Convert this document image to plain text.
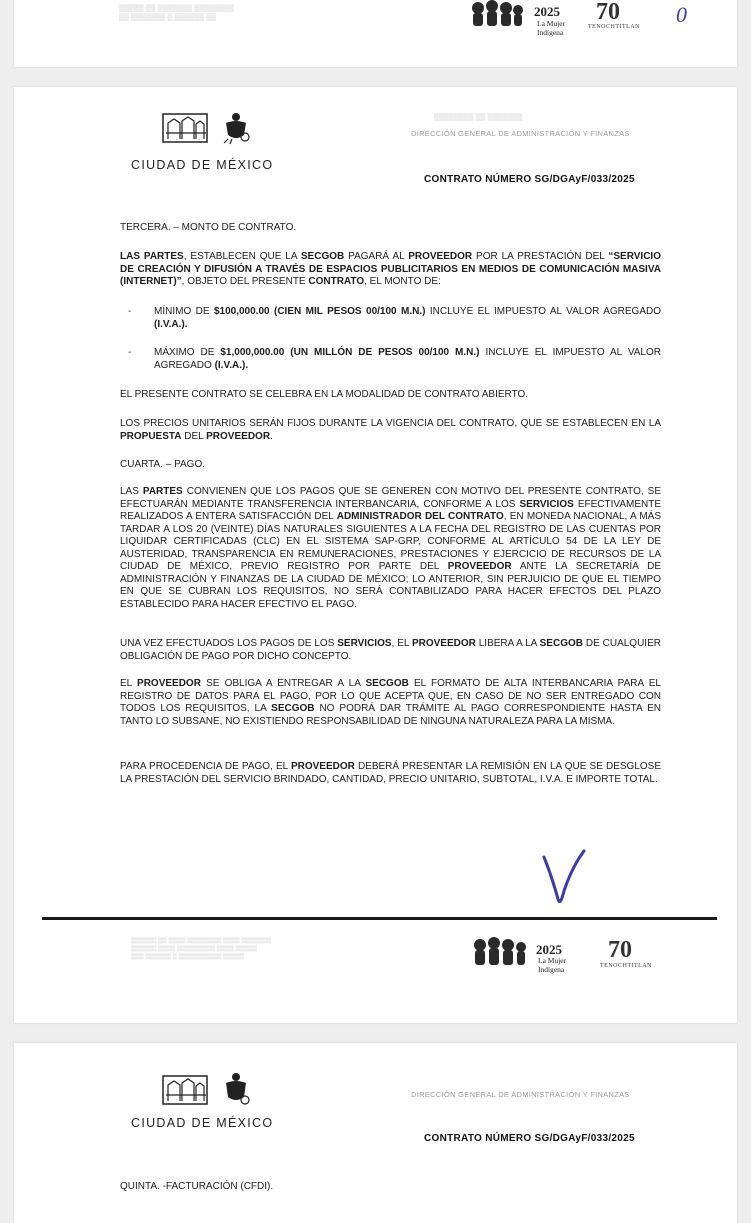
▒▒▒▒▒ ▒▒ ▒▒▒▒▒▒▒ ▒▒▒▒▒▒▒▒
▒▒ ▒▒▒▒▒▒▒ ▒ ▒▒▒▒▒▒ ▒▒	2025
La Mujer
Indígena
70
TENOCHTITLAN 0
CIUDAD DE MÉXICO
DIRECCIÓN GENERAL DE ADMINISTRACIÓN Y FINANZAS
▒▒▒▒▒▒▒▒ ▒▒ ▒▒▒▒▒▒▒
CONTRATO NÚMERO SG/DGAyF/033/2025
TERCERA. – MONTO DE CONTRATO.

LAS PARTES, ESTABLECEN QUE LA SECGOB PAGARÁ AL PROVEEDOR POR LA PRESTACIÓN DEL “SERVICIO DE CREACIÓN Y DIFUSIÓN A TRAVÉS DE ESPACIOS PUBLICITARIOS EN MEDIOS DE COMUNICACIÓN MASIVA (INTERNET)”, OBJETO DEL PRESENTE CONTRATO, EL MONTO DE:

- MÍNIMO DE $100,000.00 (CIEN MIL PESOS 00/100 M.N.) INCLUYE EL IMPUESTO AL VALOR AGREGADO (I.V.A.).

- MÁXIMO DE $1,000,000.00 (UN MILLÓN DE PESOS 00/100 M.N.) INCLUYE EL IMPUESTO AL VALOR AGREGADO (I.V.A.).

EL PRESENTE CONTRATO SE CELEBRA EN LA MODALIDAD DE CONTRATO ABIERTO.

LOS PRECIOS UNITARIOS SERÁN FIJOS DURANTE LA VIGENCIA DEL CONTRATO, QUE SE ESTABLECEN EN LA PROPUESTA DEL PROVEEDOR.

CUARTA. – PAGO.

LAS PARTES CONVIENEN QUE LOS PAGOS QUE SE GENEREN CON MOTIVO DEL PRESENTE CONTRATO, SE EFECTUARÁN MEDIANTE TRANSFERENCIA INTERBANCARIA, CONFORME A LOS SERVICIOS EFECTIVAMENTE REALIZADOS A ENTERA SATISFACCIÓN DEL ADMINISTRADOR DEL CONTRATO, EN MONEDA NACIONAL, A MÁS TARDAR A LOS 20 (VEINTE) DÍAS NATURALES SIGUIENTES A LA FECHA DEL REGISTRO DE LAS CUENTAS POR LIQUIDAR CERTIFICADAS (CLC) EN EL SISTEMA SAP-GRP, CONFORME AL ARTÍCULO 54 DE LA LEY DE AUSTERIDAD, TRANSPARENCIA EN REMUNERACIONES, PRESTACIONES Y EJERCICIO DE RECURSOS DE LA CIUDAD DE MÉXICO, PREVIO REGISTRO POR PARTE DEL PROVEEDOR ANTE LA SECRETARÍA DE ADMINISTRACIÓN Y FINANZAS DE LA CIUDAD DE MÉXICO; LO ANTERIOR, SIN PERJUICIO DE QUE EL TIEMPO EN QUE SE CUBRAN LOS REQUISITOS, NO SERÁ CONTABILIZADO PARA HACER EFECTOS DEL PLAZO ESTABLECIDO PARA HACER EFECTIVO EL PAGO.

UNA VEZ EFECTUADOS LOS PAGOS DE LOS SERVICIOS, EL PROVEEDOR LIBERA A LA SECGOB DE CUALQUIER OBLIGACIÓN DE PAGO POR DICHO CONCEPTO.

EL PROVEEDOR SE OBLIGA A ENTREGAR A LA SECGOB EL FORMATO DE ALTA INTERBANCARIA PARA EL REGISTRO DE DATOS PARA EL PAGO, POR LO QUE ACEPTA QUE, EN CASO DE NO SER ENTREGADO CON TODOS LOS REQUISITOS, LA SECGOB NO PODRÁ DAR TRÁMITE AL PAGO CORRESPONDIENTE HASTA EN TANTO LO SUBSANE, NO EXISTIENDO RESPONSABILIDAD DE NINGUNA NATURALEZA PARA LA MISMA.

PARA PROCEDENCIA DE PAGO, EL PROVEEDOR DEBERÁ PRESENTAR LA REMISIÓN EN LA QUE SE DESGLOSE LA PRESTACIÓN DEL SERVICIO BRINDADO, CANTIDAD, PRECIO UNITARIO, SUBTOTAL, I.V.A. E IMPORTE TOTAL.

▒▒▒▒▒▒ ▒▒ ▒▒▒▒ ▒▒▒▒▒▒▒▒ ▒▒▒▒ ▒▒▒▒▒▒▒
▒▒▒▒▒▒ ▒▒▒▒ ▒▒▒▒▒▒▒▒▒ ▒▒▒▒ ▒▒▒▒▒
▒▒▒ ▒▒▒▒▒▒ ▒ ▒▒▒▒▒▒▒▒▒▒ ▒▒▒▒▒	2025
La Mujer
Indígena
70
TENOCHTITLAN
CIUDAD DE MÉXICO
DIRECCIÓN GENERAL DE ADMINISTRACIÓN Y FINANZAS
CONTRATO NÚMERO SG/DGAyF/033/2025
QUINTA. -FACTURACIÓN (CFDI).
